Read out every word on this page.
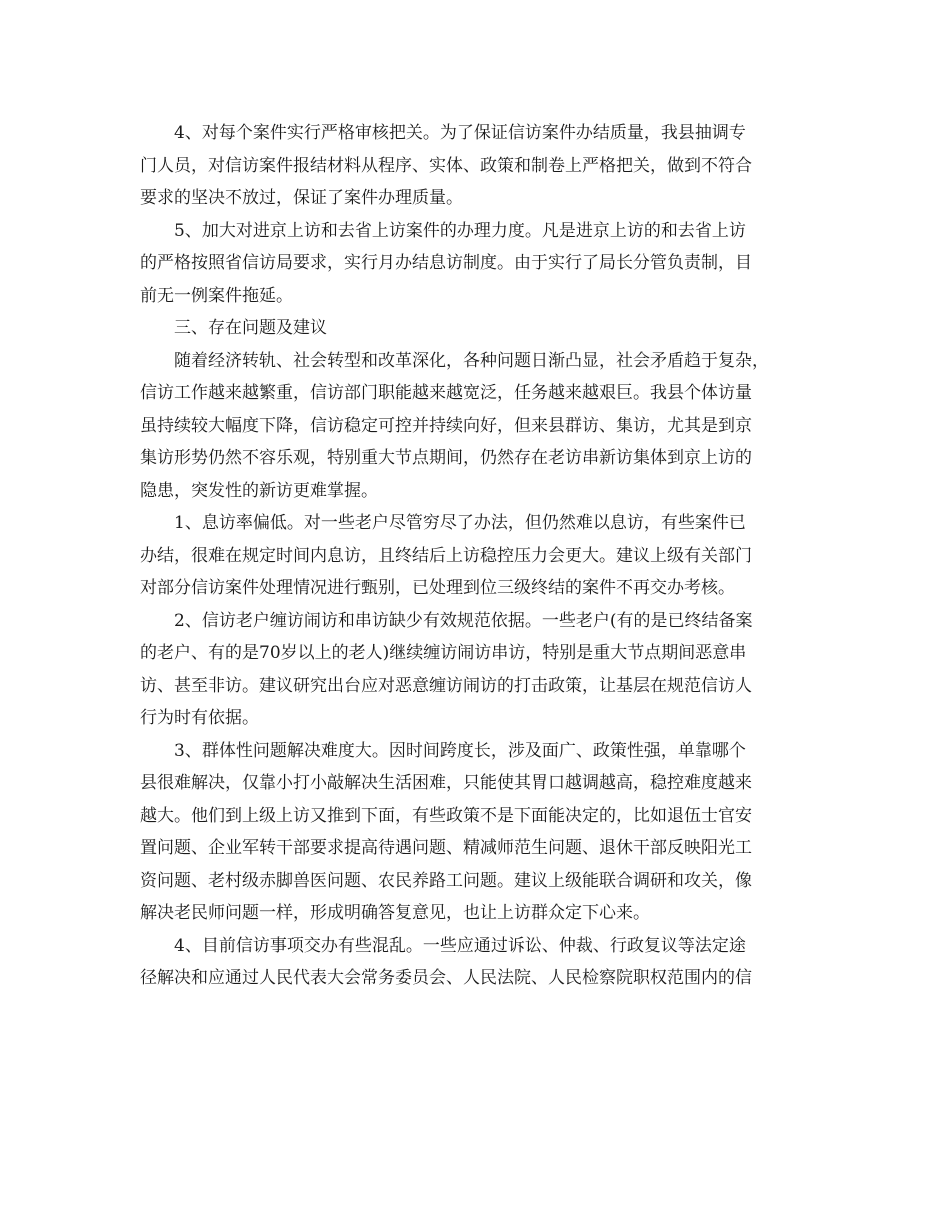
4、对每个案件实行严格审核把关。为了保证信访案件办结质量，我县抽调专
门人员，对信访案件报结材料从程序、实体、政策和制卷上严格把关，做到不符合
要求的坚决不放过，保证了案件办理质量。
5、加大对进京上访和去省上访案件的办理力度。凡是进京上访的和去省上访
的严格按照省信访局要求，实行月办结息访制度。由于实行了局长分管负责制，目
前无一例案件拖延。
三、存在问题及建议
随着经济转轨、社会转型和改革深化，各种问题日渐凸显，社会矛盾趋于复杂，
信访工作越来越繁重，信访部门职能越来越宽泛，任务越来越艰巨。我县个体访量
虽持续较大幅度下降，信访稳定可控并持续向好，但来县群访、集访，尤其是到京
集访形势仍然不容乐观，特别重大节点期间，仍然存在老访串新访集体到京上访的
隐患，突发性的新访更难掌握。
1、息访率偏低。对一些老户尽管穷尽了办法，但仍然难以息访，有些案件已
办结，很难在规定时间内息访，且终结后上访稳控压力会更大。建议上级有关部门
对部分信访案件处理情况进行甄别，已处理到位三级终结的案件不再交办考核。
2、信访老户缠访闹访和串访缺少有效规范依据。一些老户(有的是已终结备案
的老户、有的是70岁以上的老人)继续缠访闹访串访，特别是重大节点期间恶意串
访、甚至非访。建议研究出台应对恶意缠访闹访的打击政策，让基层在规范信访人
行为时有依据。
3、群体性问题解决难度大。因时间跨度长，涉及面广、政策性强，单靠哪个
县很难解决，仅靠小打小敲解决生活困难，只能使其胃口越调越高，稳控难度越来
越大。他们到上级上访又推到下面，有些政策不是下面能决定的，比如退伍士官安
置问题、企业军转干部要求提高待遇问题、精减师范生问题、退休干部反映阳光工
资问题、老村级赤脚兽医问题、农民养路工问题。建议上级能联合调研和攻关，像
解决老民师问题一样，形成明确答复意见，也让上访群众定下心来。
4、目前信访事项交办有些混乱。一些应通过诉讼、仲裁、行政复议等法定途
径解决和应通过人民代表大会常务委员会、人民法院、人民检察院职权范围内的信
